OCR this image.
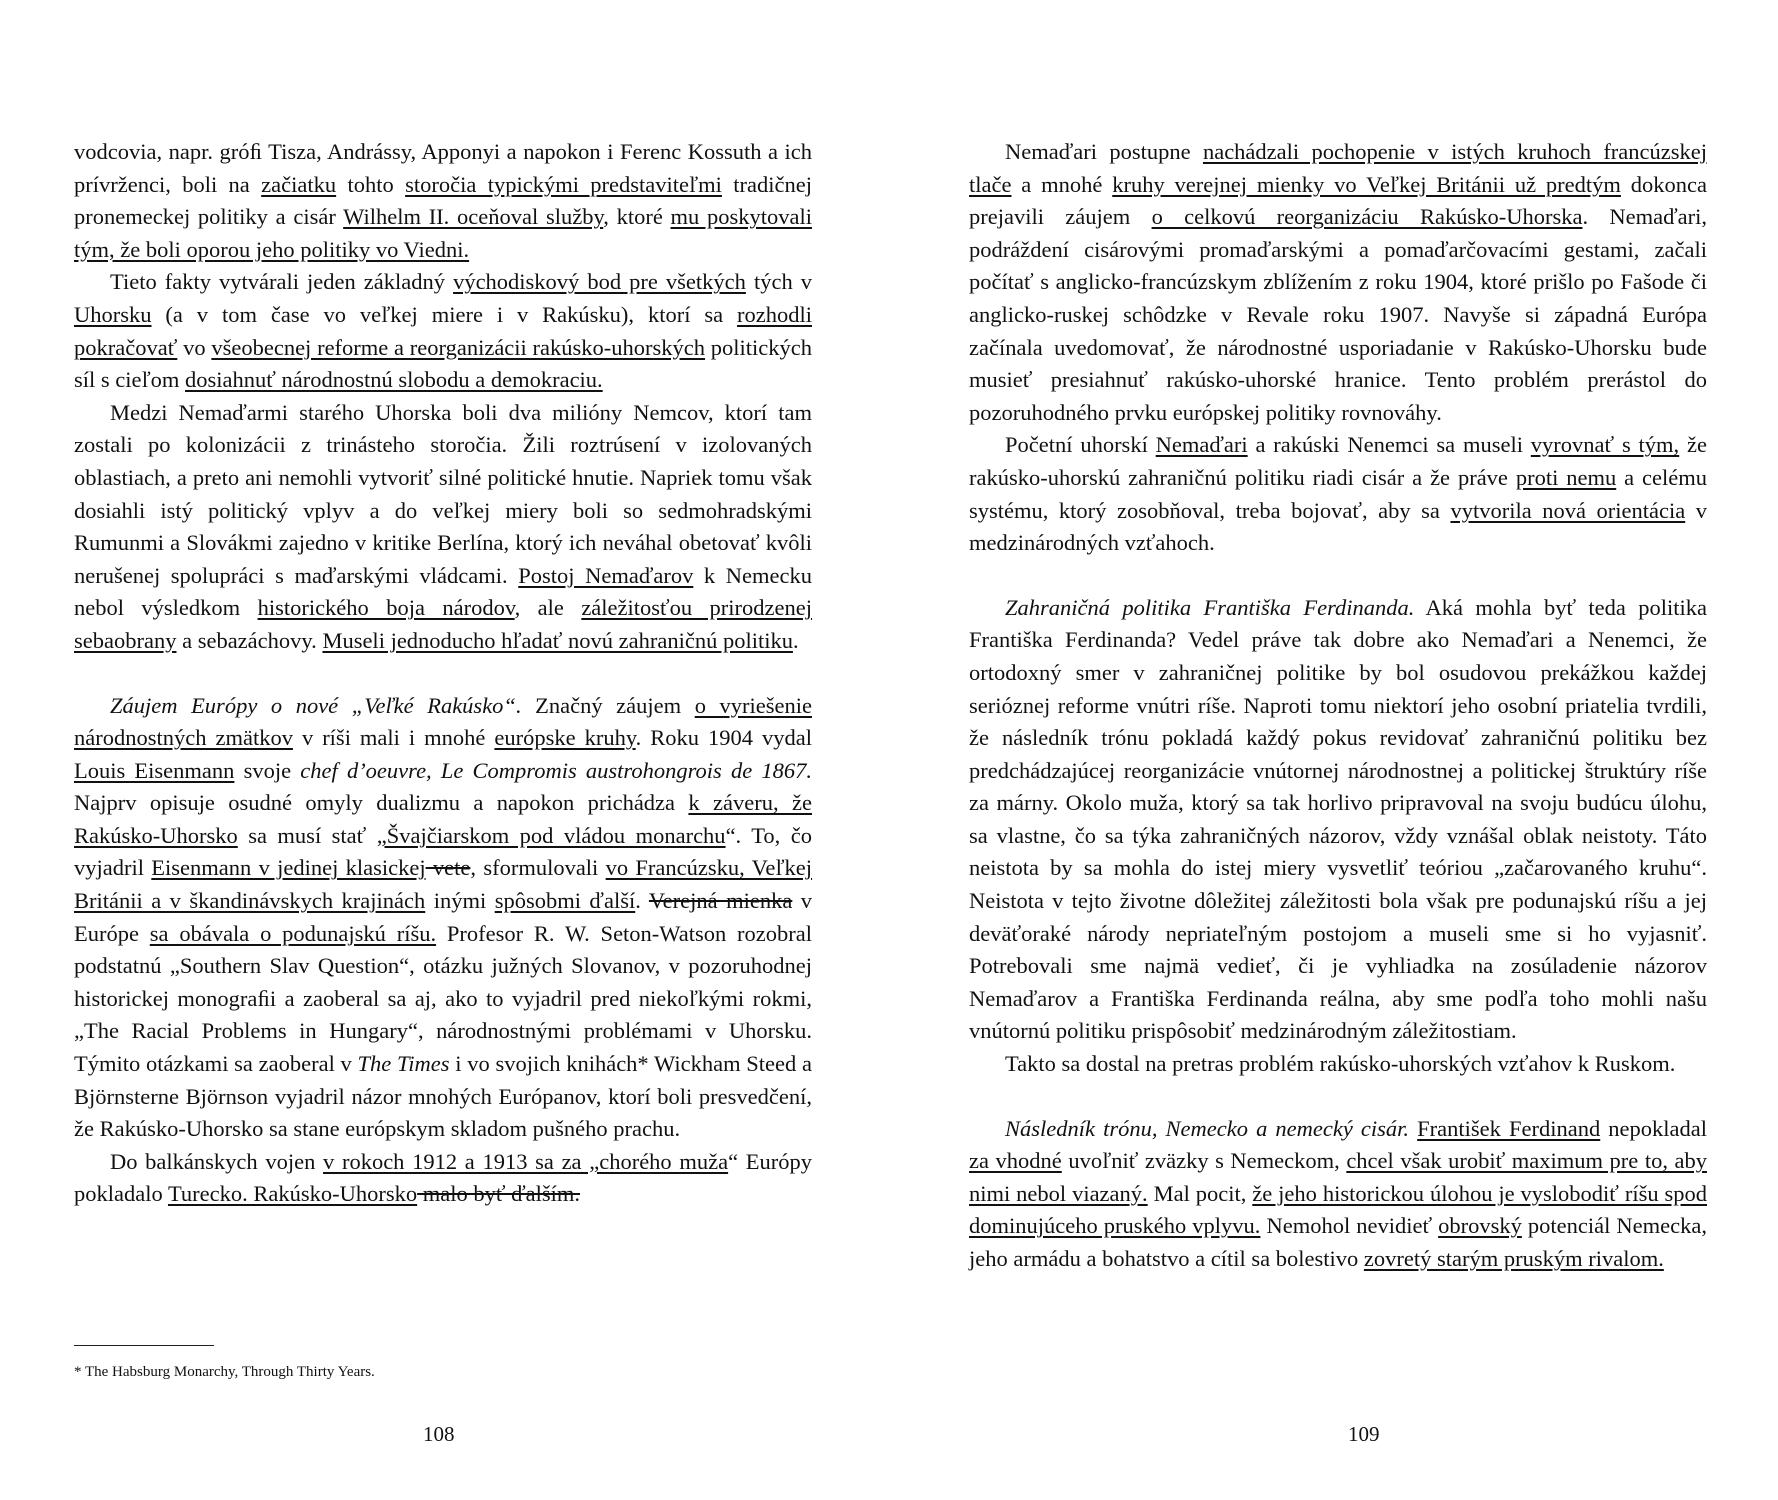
vodcovia, napr. gróﬁ Tisza, Andrássy, Apponyi a napokon i Ferenc Kossuth a ich prívrženci, boli na začiatku tohto storočia typickými predstaviteľmi tradičnej pronemeckej politiky a cisár Wilhelm II. oceňoval služby, ktoré mu poskytovali tým, že boli oporou jeho politiky vo Viedni.

Tieto fakty vytvárali jeden základný východiskový bod pre všetkých tých v Uhorsku (a v tom čase vo veľkej miere i v Rakúsku), ktorí sa rozhodli pokračovať vo všeobecnej reforme a reorganizácii rakúsko-uhorských politických síl s cieľom dosiahnuť národnostnú slobodu a demokraciu.

Medzi Nemaďarmi starého Uhorska boli dva milióny Nemcov, ktorí tam zostali po kolonizácii z trinásteho storočia. Žili roztrúsení v izolovaných oblastiach, a preto ani nemohli vytvoriť silné politické hnutie. Napriek tomu však dosiahli istý politický vplyv a do veľkej miery boli so sedmohradskými Rumunmi a Slovákmi zajedno v kritike Berlína, ktorý ich neváhal obetovať kvôli nerušenej spolupráci s maďarskými vládcami. Postoj Nemaďarov k Nemecku nebol výsledkom historického boja národov, ale záležitosťou prirodzenej sebaobrany a sebazáchovy. Museli jednoducho hľadať novú zahraničnú politiku.

Záujem Európy o nové „Veľké Rakúsko“. Značný záujem o vyriešenie národnostných zmätkov v ríši mali i mnohé európske kruhy. Roku 1904 vydal Louis Eisenmann svoje chef d’oeuvre, Le Compromis austrohongrois de 1867. Najprv opisuje osudné omyly dualizmu a napokon prichádza k záveru, že Rakúsko-Uhorsko sa musí stať „Švajčiarskom pod vládou monarchu“. To, čo vyjadril Eisenmann v jedinej klasickej vete, sformulovali vo Francúzsku, Veľkej Británii a v škandinávskych krajinách inými spôsobmi ďalší. Verejná mienka v Európe sa obávala o podunajskú ríšu. Profesor R. W. Seton-Watson rozobral podstatnú „Southern Slav Question“, otázku južných Slovanov, v pozoruhodnej historickej monograﬁi a zaoberal sa aj, ako to vyjadril pred niekoľkými rokmi, „The Racial Problems in Hungary“, národnostnými problémami v Uhorsku. Týmito otázkami sa zaoberal v The Times i vo svojich knihách* Wickham Steed a Björnsterne Björnson vyjadril názor mnohých Európanov, ktorí boli presvedčení, že Rakúsko-Uhorsko sa stane európskym skladom pušného prachu.

Do balkánskych vojen v rokoch 1912 a 1913 sa za „chorého muža“ Európy pokladalo Turecko. Rakúsko-Uhorsko malo byť ďalším.

* The Habsburg Monarchy, Through Thirty Years.
108

Nemaďari postupne nachádzali pochopenie v istých kruhoch francúzskej tlače a mnohé kruhy verejnej mienky vo Veľkej Británii už predtým dokonca prejavili záujem o celkovú reorganizáciu Rakúsko-Uhorska. Nemaďari, podráždení cisárovými promaďarskými a pomaďarčovacími gestami, začali počítať s anglicko-francúzskym zblížením z roku 1904, ktoré prišlo po Fašode či anglicko-ruskej schôdzke v Revale roku 1907. Navyše si západná Európa začínala uvedomovať, že národnostné usporiadanie v Rakúsko-Uhorsku bude musieť presiahnuť rakúsko-uhorské hranice. Tento problém prerástol do pozoruhodného prvku európskej politiky rovnováhy.

Početní uhorskí Nemaďari a rakúski Nenemci sa museli vyrovnať s tým, že rakúsko-uhorskú zahraničnú politiku riadi cisár a že práve proti nemu a celému systému, ktorý zosobňoval, treba bojovať, aby sa vytvorila nová orientácia v medzinárodných vzťahoch.

Zahraničná politika Františka Ferdinanda. Aká mohla byť teda politika Františka Ferdinanda? Vedel práve tak dobre ako Nemaďari a Nenemci, že ortodoxný smer v zahraničnej politike by bol osudovou prekážkou každej serióznej reforme vnútri ríše. Naproti tomu niektorí jeho osobní priatelia tvrdili, že následník trónu pokladá každý pokus revidovať zahraničnú politiku bez predchádzajúcej reorganizácie vnútornej národnostnej a politickej štruktúry ríše za márny. Okolo muža, ktorý sa tak horlivo pripravoval na svoju budúcu úlohu, sa vlastne, čo sa týka zahraničných názorov, vždy vznášal oblak neistoty. Táto neistota by sa mohla do istej miery vysvetliť teóriou „začarovaného kruhu“. Neistota v tejto životne dôležitej záležitosti bola však pre podunajskú ríšu a jej deväťoraké národy nepriateľným postojom a museli sme si ho vyjasniť. Potrebovali sme najmä vedieť, či je vyhliadka na zosúladenie názorov Nemaďarov a Františka Ferdinanda reálna, aby sme podľa toho mohli našu vnútornú politiku prispôsobiť medzinárodným záležitostiam.

Takto sa dostal na pretras problém rakúsko-uhorských vzťahov k Ruskom.

Následník trónu, Nemecko a nemecký cisár. František Ferdinand nepokladal za vhodné uvoľniť zväzky s Nemeckom, chcel však urobiť maximum pre to, aby nimi nebol viazaný. Mal pocit, že jeho historickou úlohou je vyslobodiť ríšu spod dominujúceho pruského vplyvu. Nemohol nevidieť obrovský potenciál Nemecka, jeho armádu a bohatstvo a cítil sa bolestivo zovretý starým pruským rivalom.

109
